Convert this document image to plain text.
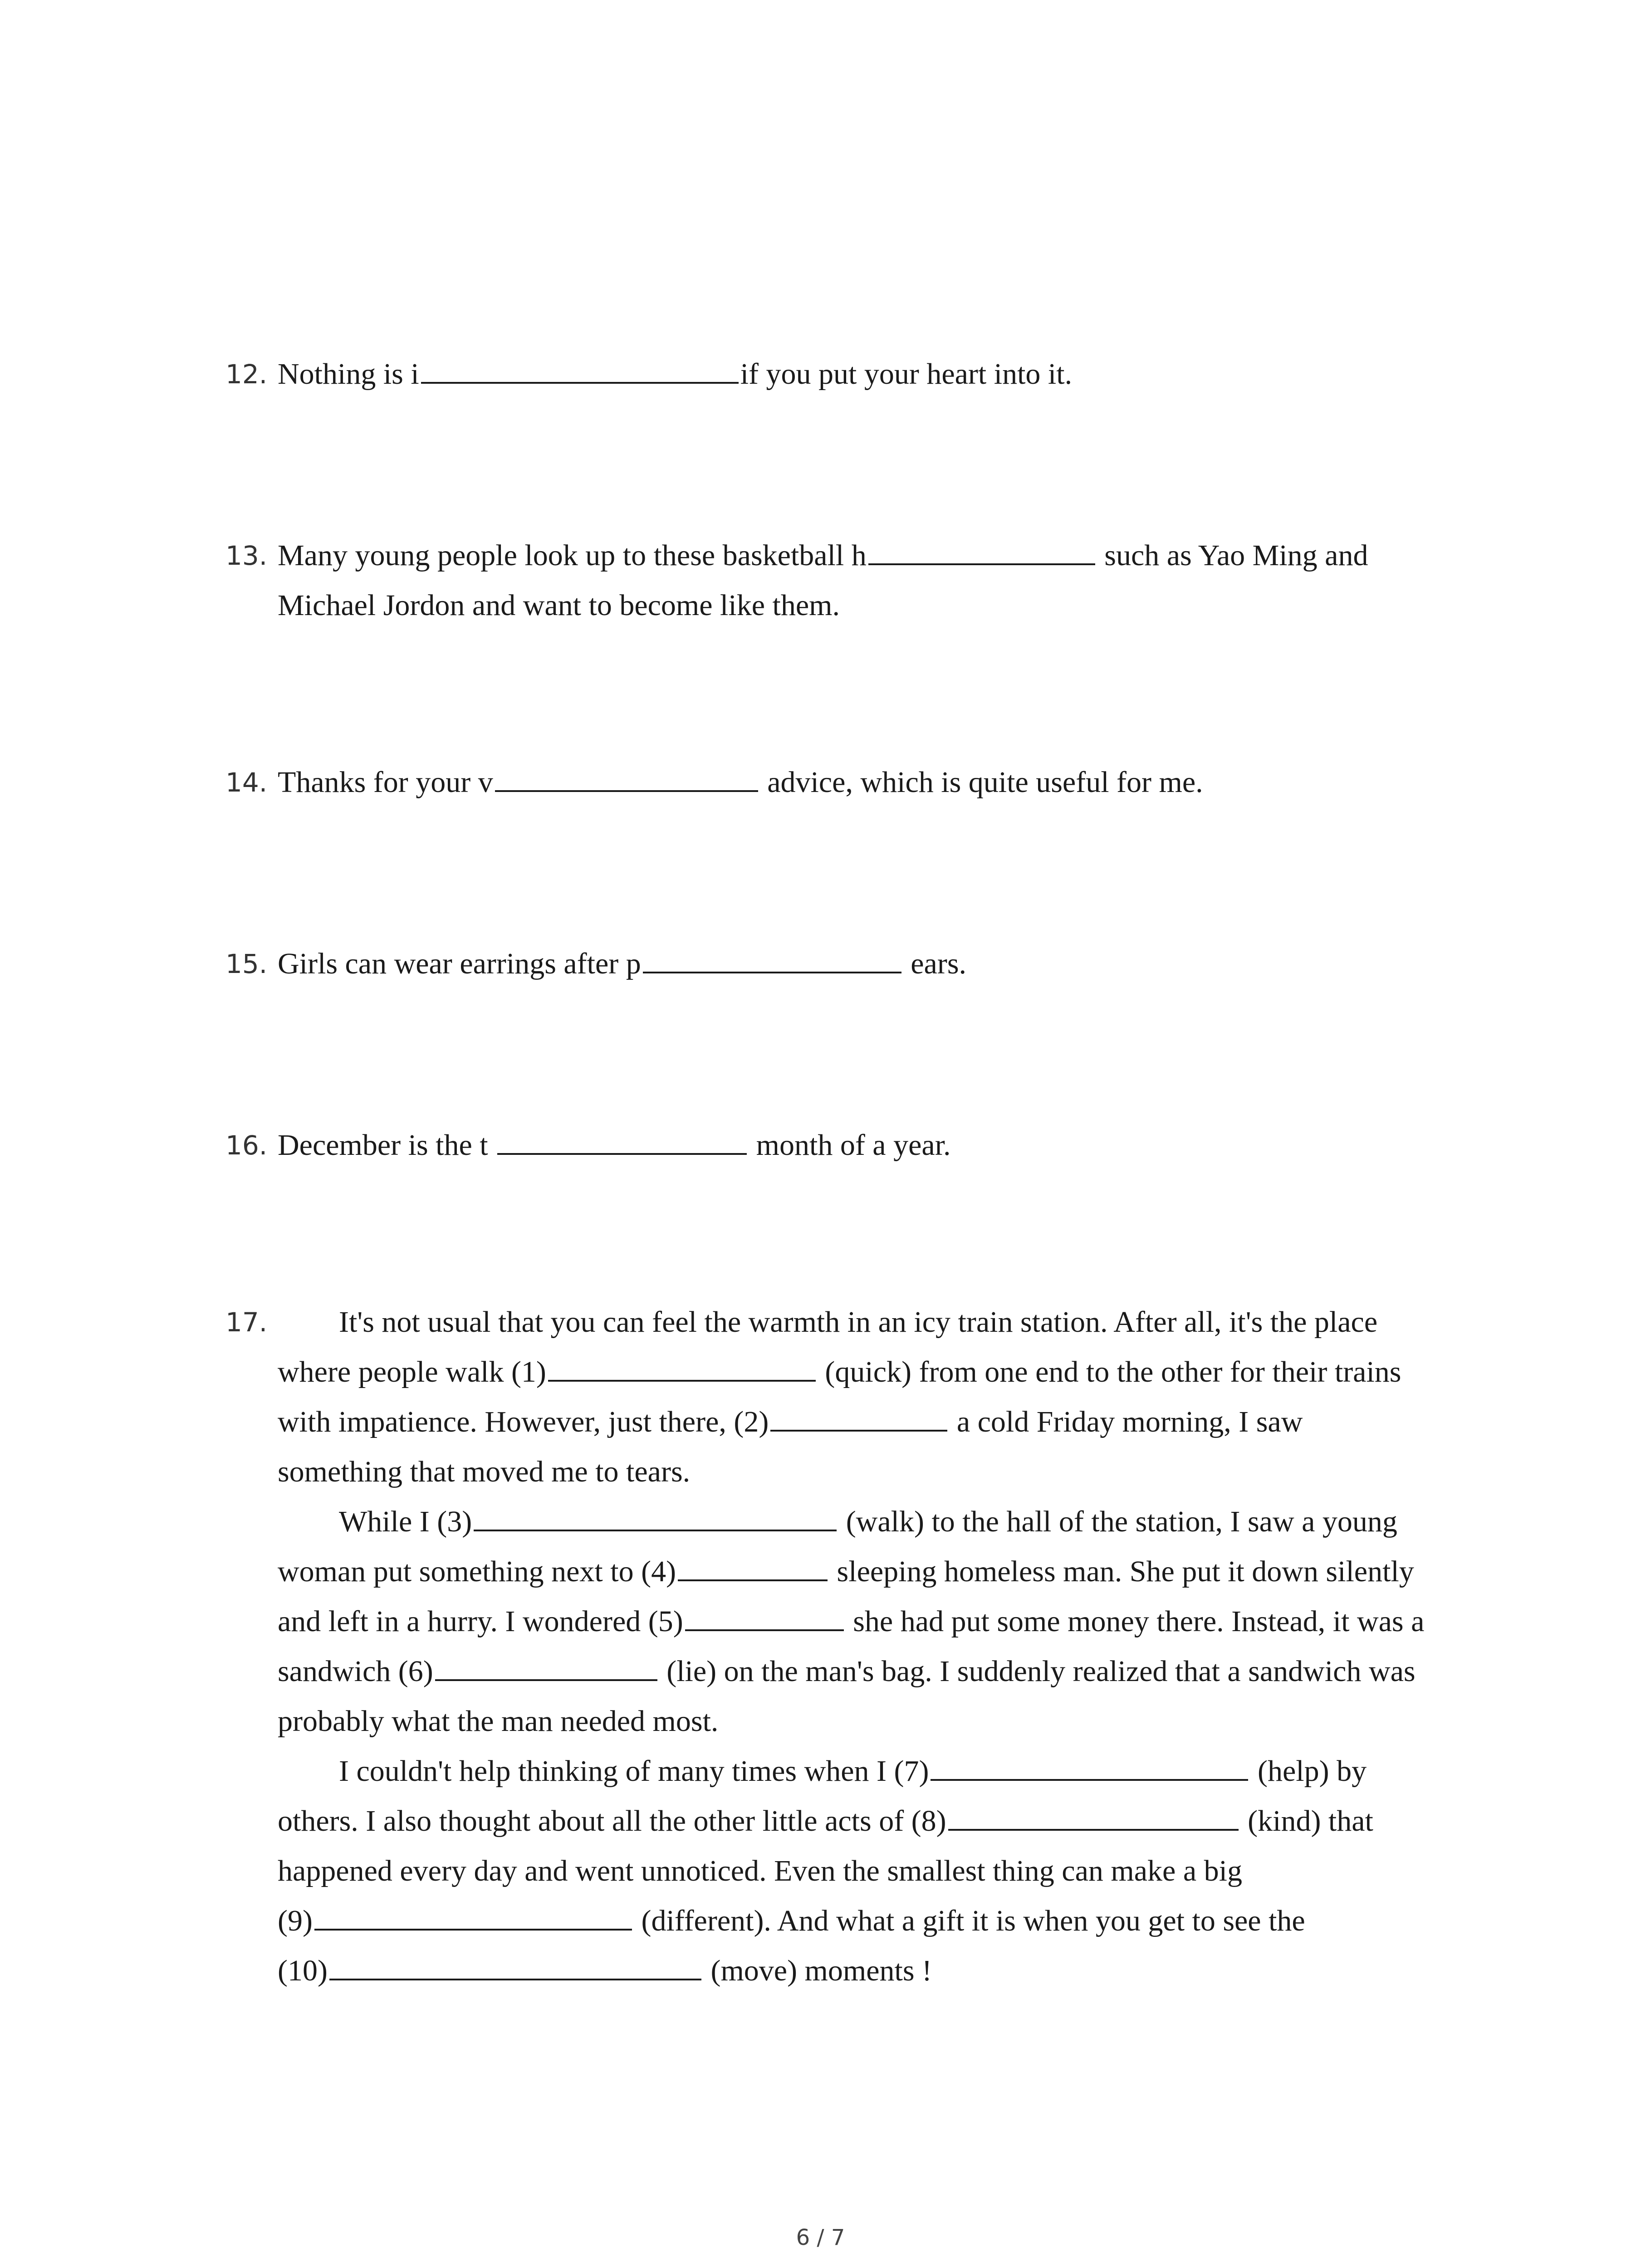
12. Nothing is i	if you put your heart into it.
13. Many young people look up to these basketball h	such as Yao Ming and
Michael Jordon and want to become like them.
14. Thanks for your v	advice, which is quite useful for me.
15. Girls can wear earrings after p	ears.
16. December is the t	month of a year.
17.	It's not usual that you can feel the warmth in an icy train station. After all, it's the place
where people walk (1)	(quick) from one end to the other for their trains
with impatience. However, just there, (2)	a cold Friday morning, I saw
something that moved me to tears.
While I (3)	(walk) to the hall of the station, I saw a young
woman put something next to (4)	sleeping homeless man. She put it down silently
and left in a hurry. I wondered (5)	she had put some money there. Instead, it was a
sandwich (6)	(lie) on the man's bag. I suddenly realized that a sandwich was
probably what the man needed most.
I couldn't help thinking of many times when I (7)	(help) by
others. I also thought about all the other little acts of (8)	(kind) that
happened every day and went unnoticed. Even the smallest thing can make a big
(9)	(different). And what a gift it is when you get to see the
(10)	(move) moments !
6 / 7
